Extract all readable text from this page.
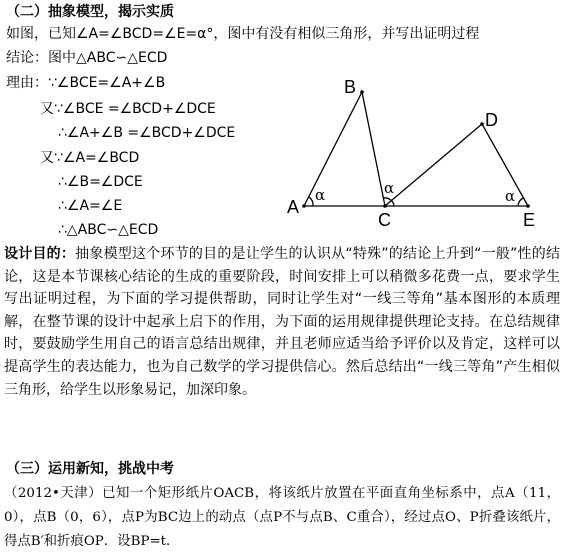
（二）抽象模型，揭示实质
如图，已知∠A=∠BCD=∠E=α°，图中有没有相似三角形，并写出证明过程
结论：图中△ABC∽△ECD
理由：∵∠BCE=∠A+∠B
又∵∠BCE =∠BCD+∠DCE
∴∠A+∠B =∠BCD+∠DCE
又∵∠A=∠BCD
∴∠B=∠DCE
∴∠A=∠E
∴△ABC∽△ECD
A
B
C
D
E
α	α	α
设计目的：抽象模型这个环节的目的是让学生的认识从“特殊”的结论上升到“一般”性的结论，这是本节课核心结论的生成的重要阶段，时间安排上可以稍微多花费一点，要求学生写出证明过程，为下面的学习提供帮助，同时让学生对“一线三等角”基本图形的本质理解，在整节课的设计中起承上启下的作用，为下面的运用规律提供理论支持。在总结规律时，要鼓励学生用自己的语言总结出规律，并且老师应适当给予评价以及肯定，这样可以提高学生的表达能力，也为自己数学的学习提供信心。然后总结出“一线三等角”产生相似三角形，给学生以形象易记，加深印象。
（三）运用新知，挑战中考
（2012•天津）已知一个矩形纸片OACB，将该纸片放置在平面直角坐标系中，点A（11，0），点B（0，6），点P为BC边上的动点（点P不与点B、C重合），经过点O、P折叠该纸片，得点B′和折痕OP．设BP=t．
